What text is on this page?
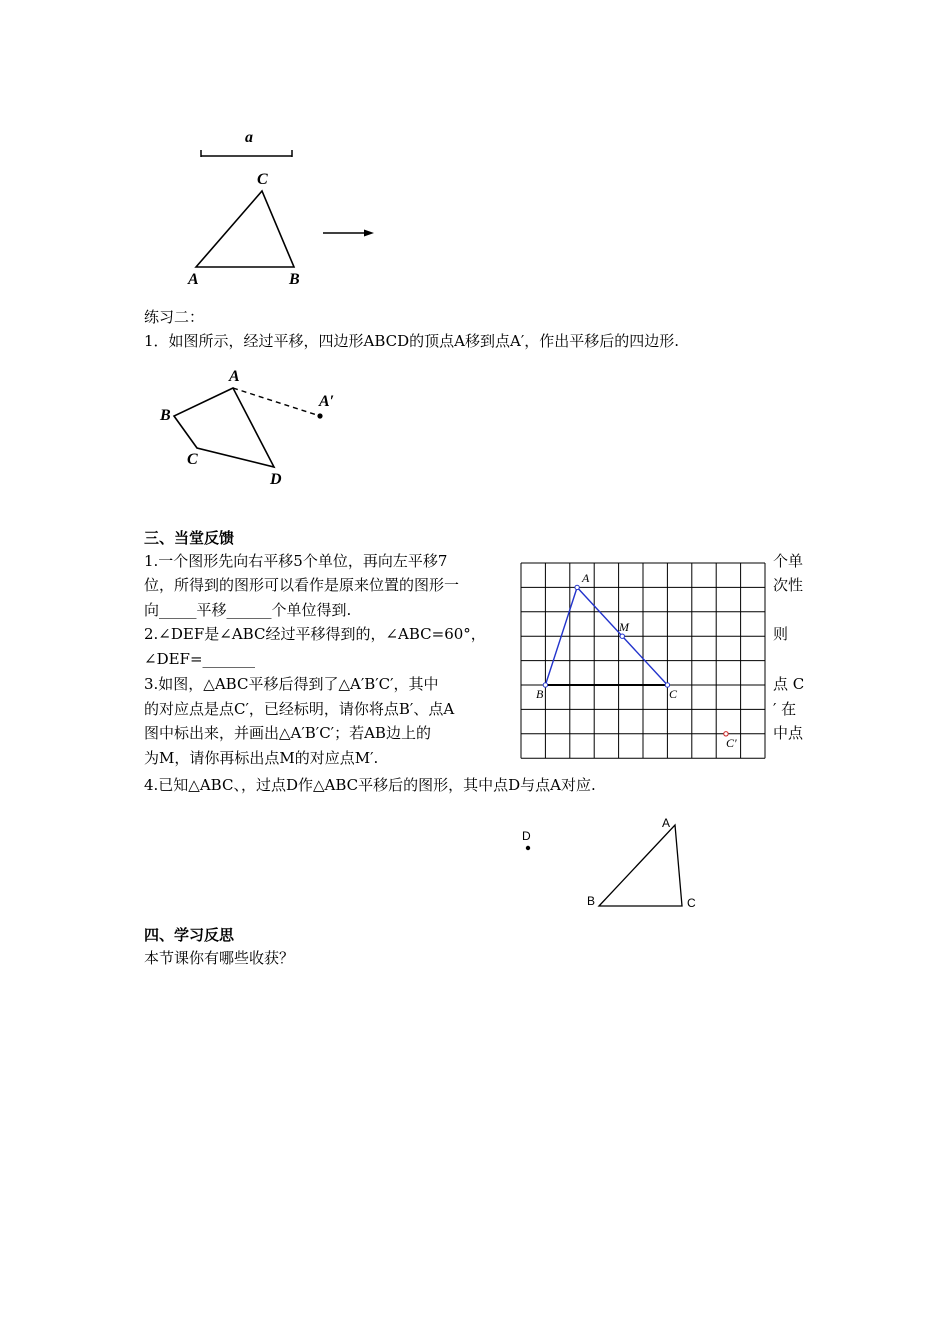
a
C
A	B
练习二：
1．如图所示，经过平移，四边形ABCD的顶点A移到点A′，作出平移后的四边形.
A
B
C
D
A′
三、当堂反馈
1.一个图形先向右平移5个单位，再向左平移7
位，所得到的图形可以看作是原来位置的图形一
向_____平移______个单位得到.
2.∠DEF是∠ABC经过平移得到的，∠ABC=60°，
∠DEF=_______
3.如图，△ABC平移后得到了△A′B′C′，其中
的对应点是点C′，已经标明，请你将点B′、点A
图中标出来，并画出△A′B′C′；若AB边上的
为M，请你再标出点M的对应点M′.
个单
次性
则
点 C
′ 在
中点
A
M
B	C
C′
4.已知△ABC、，过点D作△ABC平移后的图形，其中点D与点A对应.
D
A
B	C
四、学习反思
本节课你有哪些收获？
